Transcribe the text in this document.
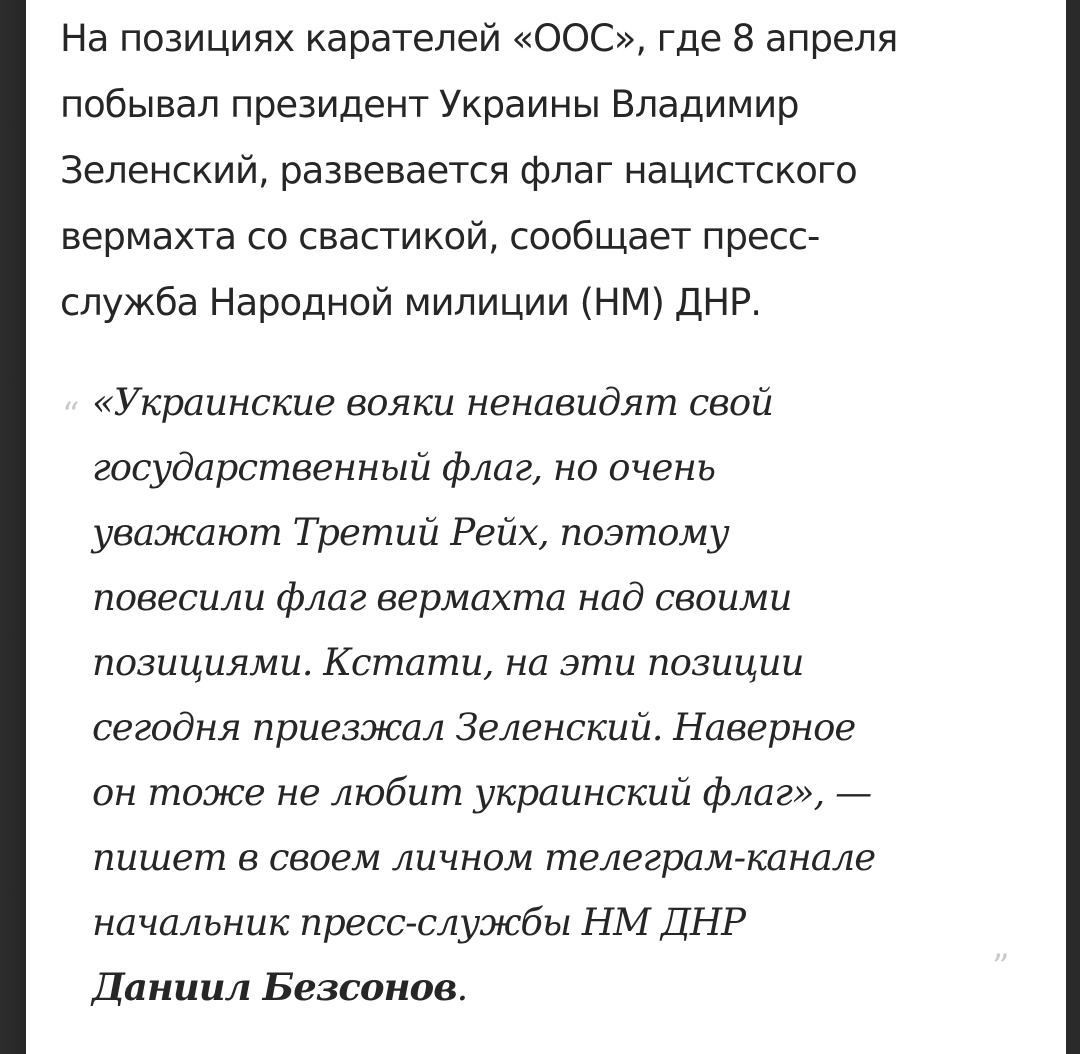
На позициях карателей «ООС», где 8 апреля
побывал президент Украины Владимир
Зеленский, развевается флаг нацистского
вермахта со свастикой, сообщает пресс-
служба Народной милиции (НМ) ДНР.

“ «Украинские вояки ненавидят свой
государственный флаг, но очень
уважают Третий Рейх, поэтому
повесили флаг вермахта над своими
позициями. Кстати, на эти позиции
сегодня приезжал Зеленский. Наверное
он тоже не любит украинский флаг», —
пишет в своем личном телеграм-канале
начальник пресс-службы НМ ДНР
Даниил Безсонов.	”
